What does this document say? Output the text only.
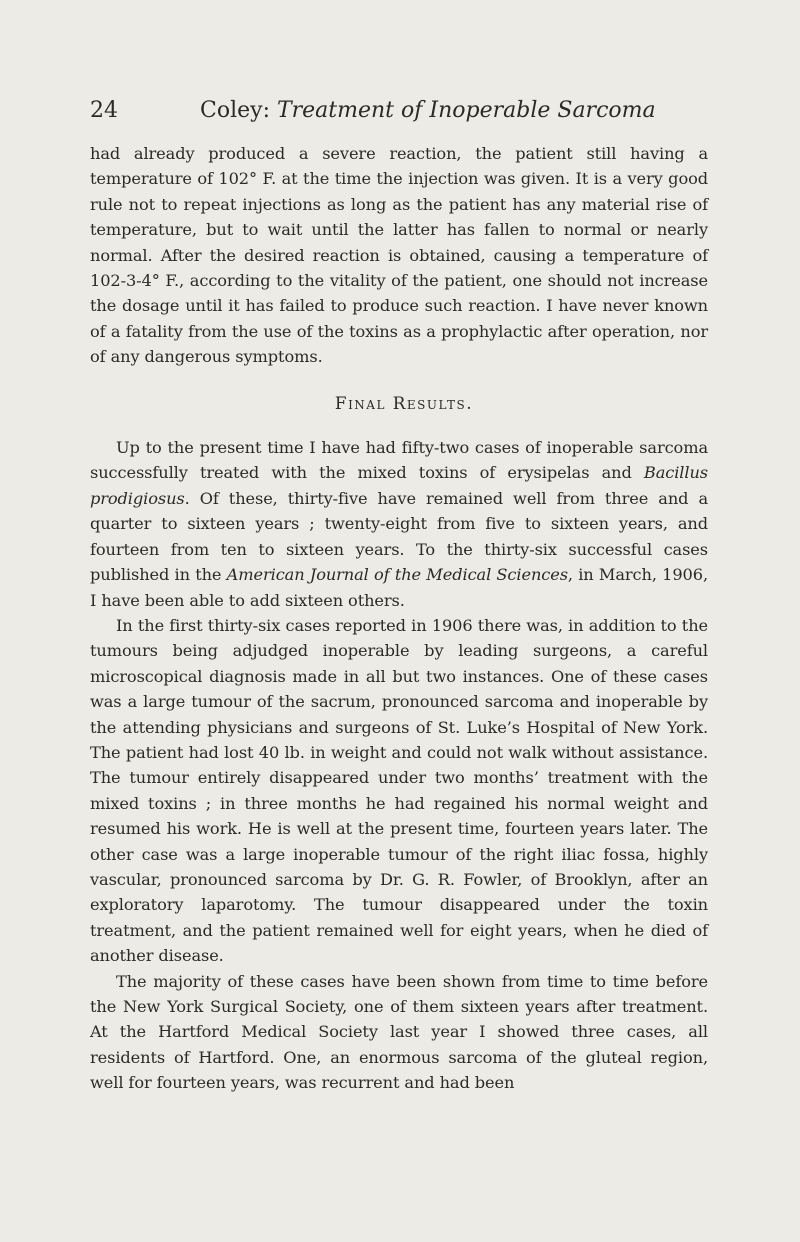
24	Coley: Treatment of Inoperable Sarcoma

had already produced a severe reaction, the patient still having a temperature of 102° F. at the time the injection was given. It is a very good rule not to repeat injections as long as the patient has any material rise of temperature, but to wait until the latter has fallen to normal or nearly normal. After the desired reaction is obtained, causing a temperature of 102-3-4° F., according to the vitality of the patient, one should not increase the dosage until it has failed to produce such reaction. I have never known of a fatality from the use of the toxins as a prophylactic after operation, nor of any dangerous symptoms.

Final Results.

Up to the present time I have had fifty-two cases of inoperable sarcoma successfully treated with the mixed toxins of erysipelas and Bacillus prodigiosus. Of these, thirty-five have remained well from three and a quarter to sixteen years ; twenty-eight from five to sixteen years, and fourteen from ten to sixteen years. To the thirty-six successful cases published in the American Journal of the Medical Sciences, in March, 1906, I have been able to add sixteen others.

In the first thirty-six cases reported in 1906 there was, in addition to the tumours being adjudged inoperable by leading surgeons, a careful microscopical diagnosis made in all but two instances. One of these cases was a large tumour of the sacrum, pronounced sarcoma and inoperable by the attending physicians and surgeons of St. Luke’s Hospital of New York. The patient had lost 40 lb. in weight and could not walk without assistance. The tumour entirely disappeared under two months’ treatment with the mixed toxins ; in three months he had regained his normal weight and resumed his work. He is well at the present time, fourteen years later. The other case was a large inoperable tumour of the right iliac fossa, highly vascular, pronounced sarcoma by Dr. G. R. Fowler, of Brooklyn, after an exploratory laparotomy. The tumour disappeared under the toxin treatment, and the patient remained well for eight years, when he died of another disease.

The majority of these cases have been shown from time to time before the New York Surgical Society, one of them sixteen years after treatment. At the Hartford Medical Society last year I showed three cases, all residents of Hartford. One, an enormous sarcoma of the gluteal region, well for fourteen years, was recurrent and had been
